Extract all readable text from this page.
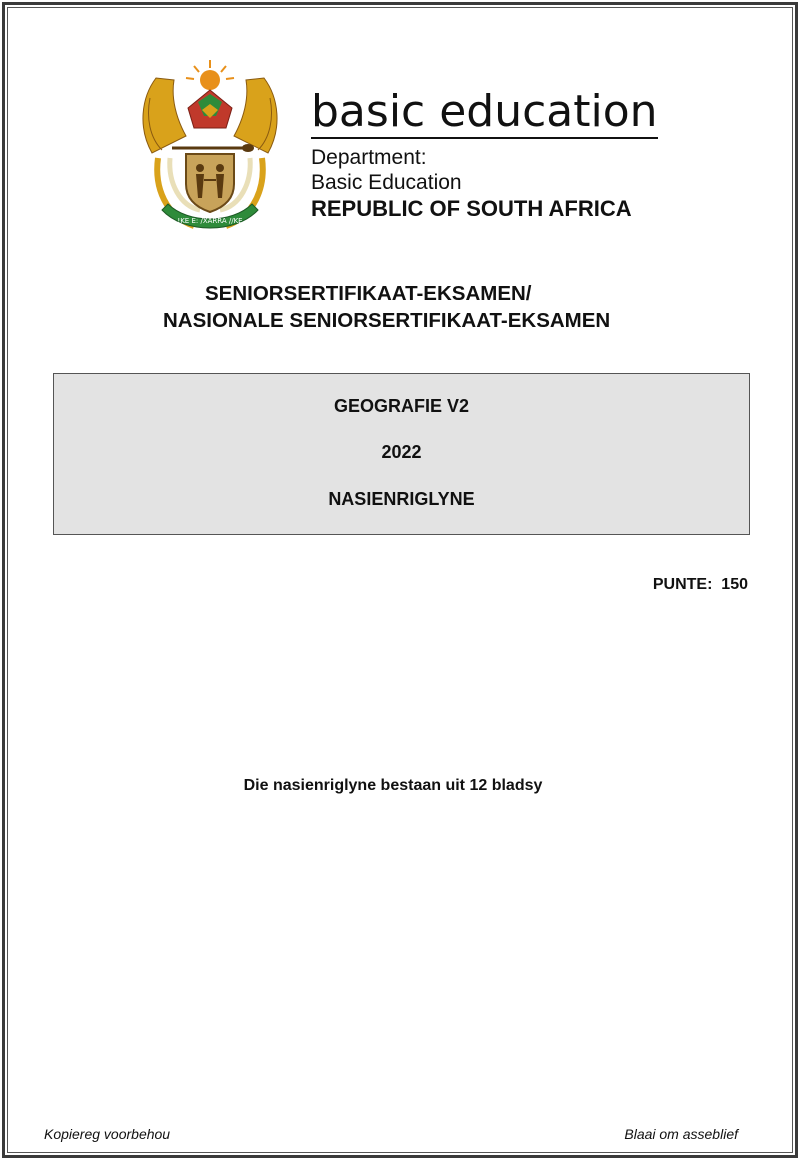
!KE E: /XARRA //KE
basic education
Department:
Basic Education
REPUBLIC OF SOUTH AFRICA
SENIORSERTIFIKAAT-EKSAMEN/
NASIONALE SENIORSERTIFIKAAT-EKSAMEN
GEOGRAFIE V2
2022
NASIENRIGLYNE
PUNTE:  150
Die nasienriglyne bestaan uit 12 bladsy
Kopiereg voorbehou	Blaai om asseblief
